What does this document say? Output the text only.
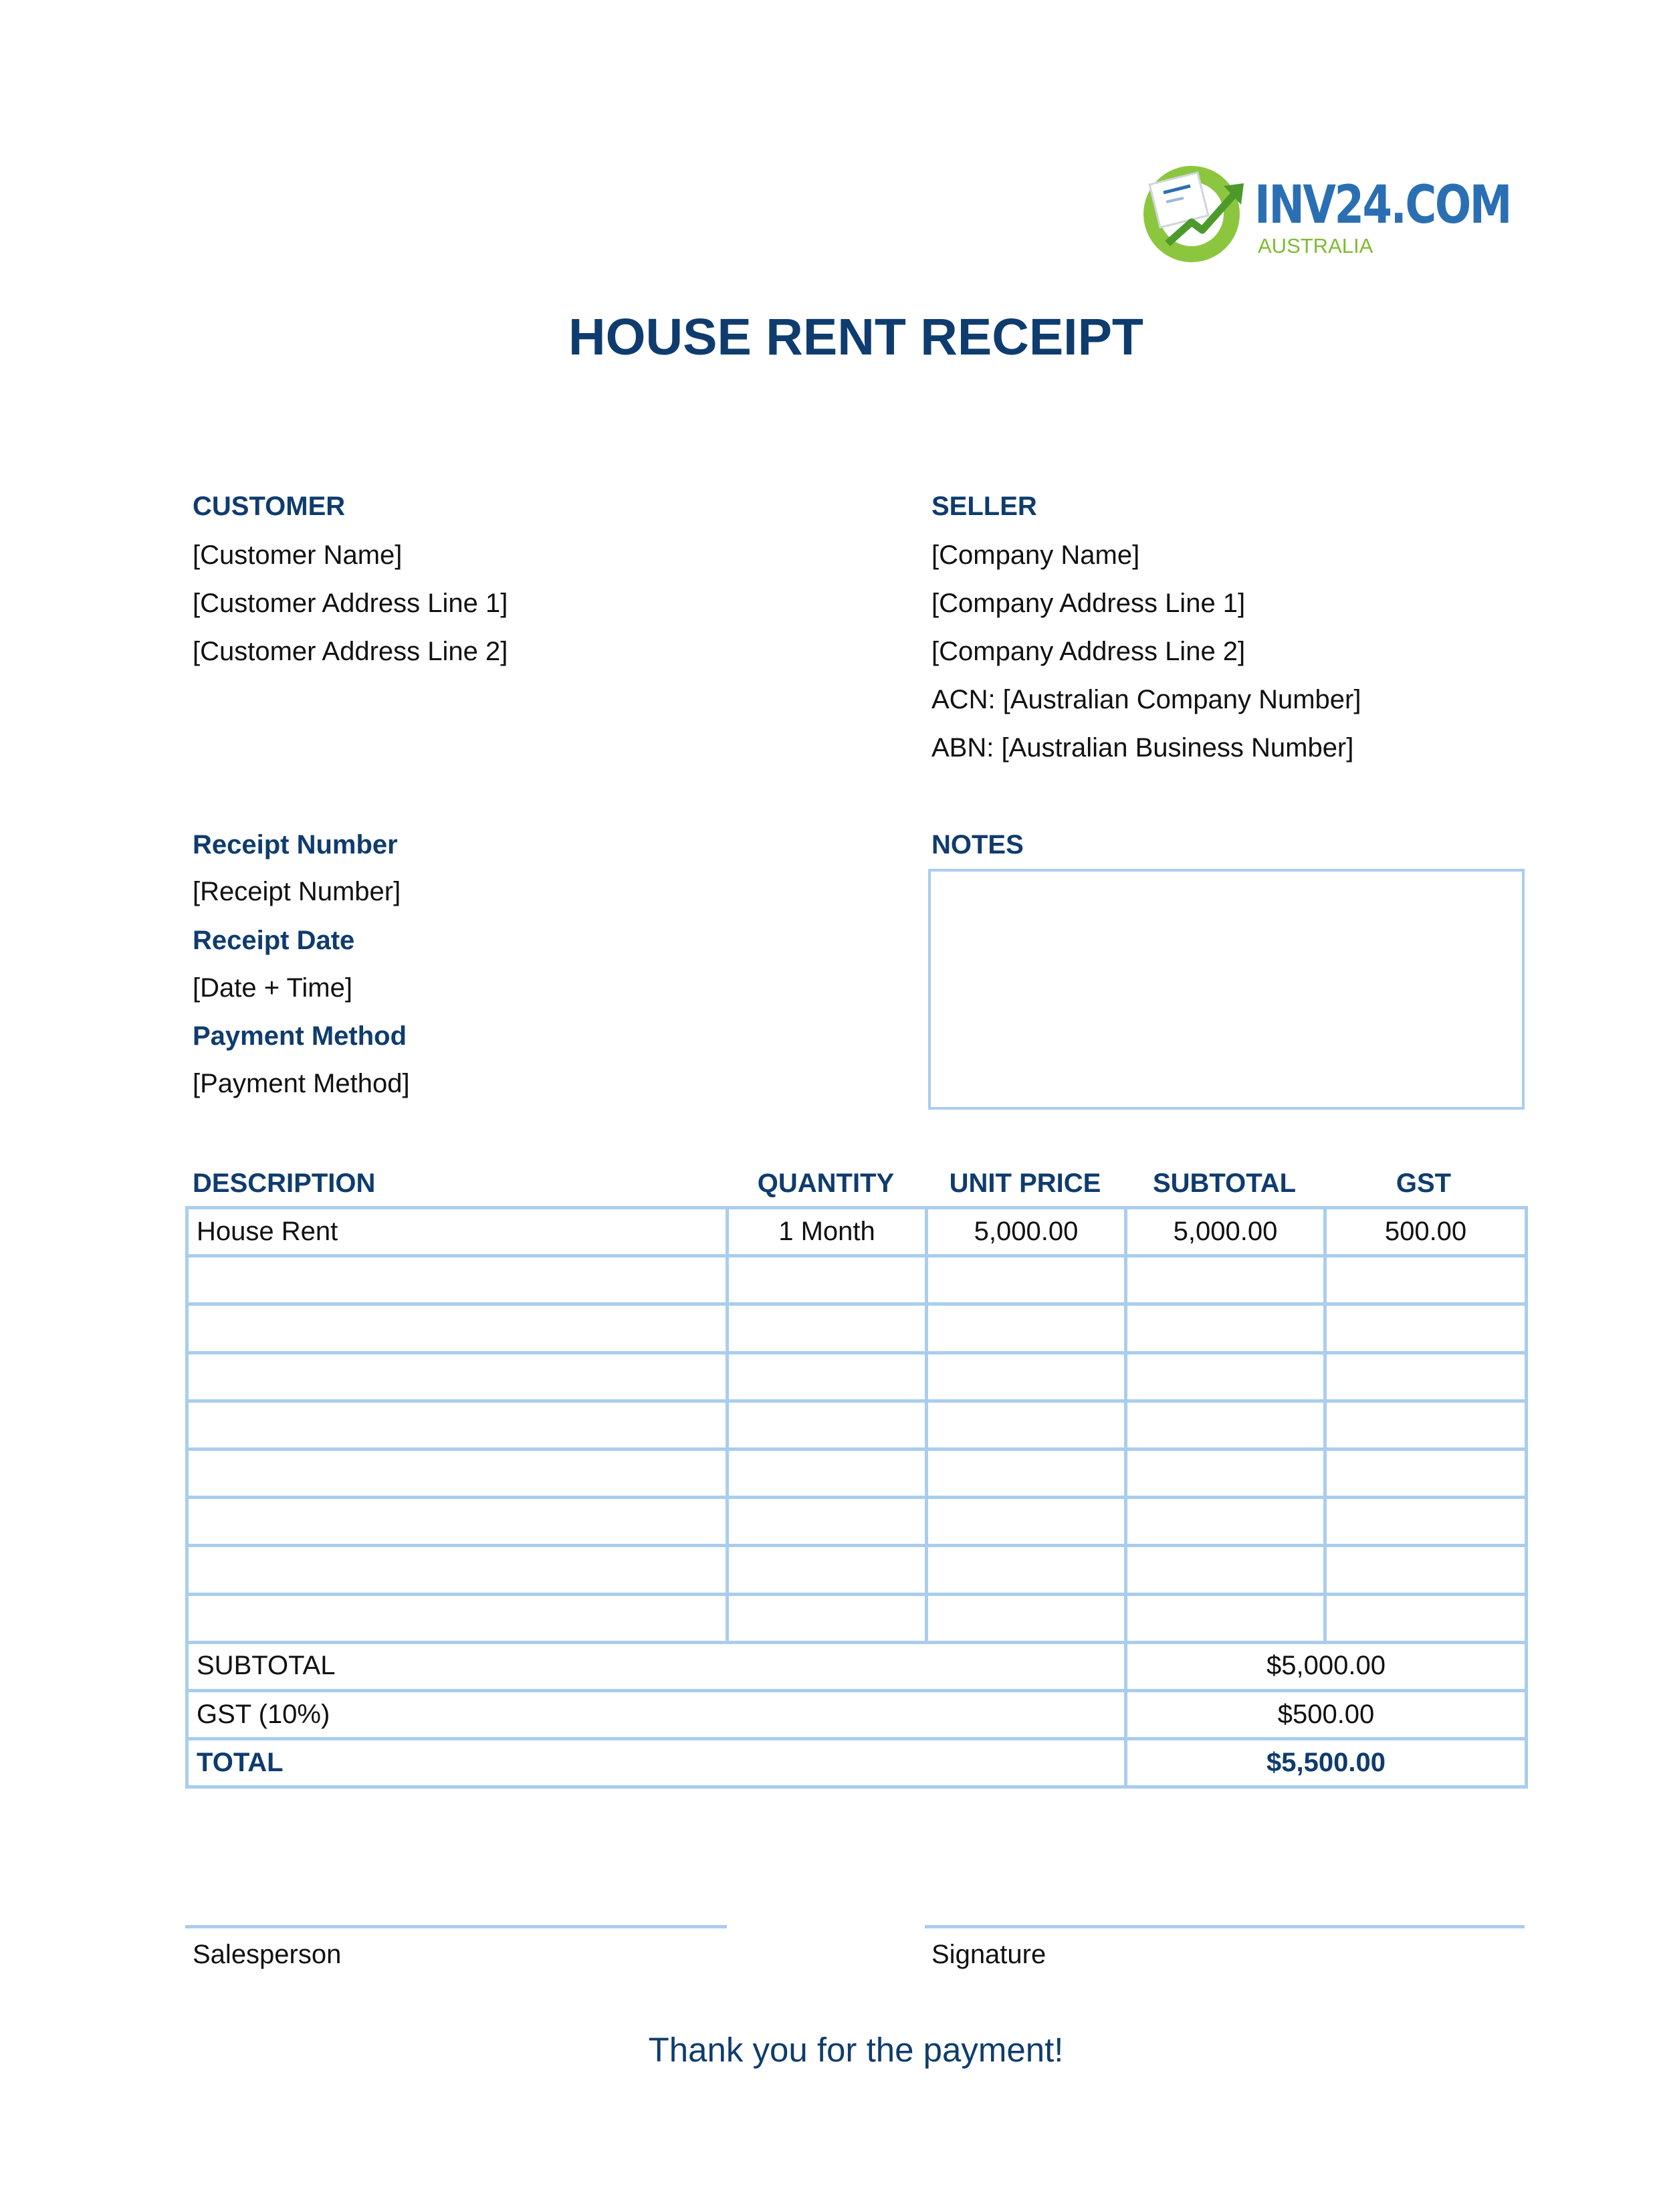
INV24.COM
AUSTRALIA
HOUSE RENT RECEIPT
CUSTOMER
[Customer Name]
[Customer Address Line 1]
[Customer Address Line 2]
SELLER
[Company Name]
[Company Address Line 1]
[Company Address Line 2]
ACN: [Australian Company Number]
ABN: [Australian Business Number]
Receipt Number
[Receipt Number]
Receipt Date
[Date + Time]
Payment Method
[Payment Method]
NOTES
DESCRIPTION	QUANTITY	UNIT PRICE	SUBTOTAL	GST
House Rent	1 Month	5,000.00	5,000.00	500.00
SUBTOTAL	$5,000.00
GST (10%)	$500.00
TOTAL	$5,500.00
Salesperson	Signature
Thank you for the payment!
